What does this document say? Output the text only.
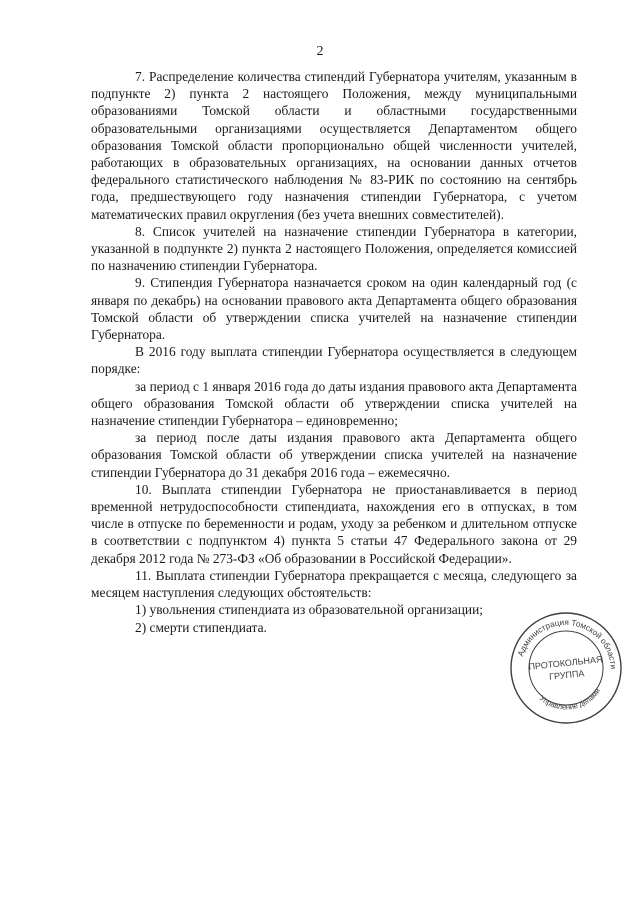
2

7. Распределение количества стипендий Губернатора учителям, указанным в подпункте 2) пункта 2 настоящего Положения, между муниципальными образованиями Томской области и областными государственными образовательными организациями осуществляется Департаментом общего образования Томской области пропорционально общей численности учителей, работающих в образовательных организациях, на основании данных отчетов федерального статистического наблюдения № 83-РИК по состоянию на сентябрь года, предшествующего году назначения стипендии Губернатора, с учетом математических правил округления (без учета внешних совместителей).

8. Список учителей на назначение стипендии Губернатора в категории, указанной в подпункте 2) пункта 2 настоящего Положения, определяется комиссией по назначению стипендии Губернатора.

9. Стипендия Губернатора назначается сроком на один календарный год (с января по декабрь) на основании правового акта Департамента общего образования Томской области об утверждении списка учителей на назначение стипендии Губернатора.

В 2016 году выплата стипендии Губернатора осуществляется в следующем порядке:

за период с 1 января 2016 года до даты издания правового акта Департамента общего образования Томской области об утверждении списка учителей на назначение стипендии Губернатора – единовременно;

за период после даты издания правового акта Департамента общего образования Томской области об утверждении списка учителей на назначение стипендии Губернатора до 31 декабря 2016 года – ежемесячно.

10. Выплата стипендии Губернатора не приостанавливается в период временной нетрудоспособности стипендиата, нахождения его в отпусках, в том числе в отпуске по беременности и родам, уходу за ребенком и длительном отпуске в соответствии с подпунктом 4) пункта 5 статьи 47 Федерального закона от 29 декабря 2012 года № 273-ФЗ «Об образовании в Российской Федерации».

11. Выплата стипендии Губернатора прекращается с месяца, следующего за месяцем наступления следующих обстоятельств:

1) увольнения стипендиата из образовательной организации;

2) смерти стипендиата.

Администрация Томской области
ПРОТОКОЛЬНАЯ
ГРУППА
Управление делами
